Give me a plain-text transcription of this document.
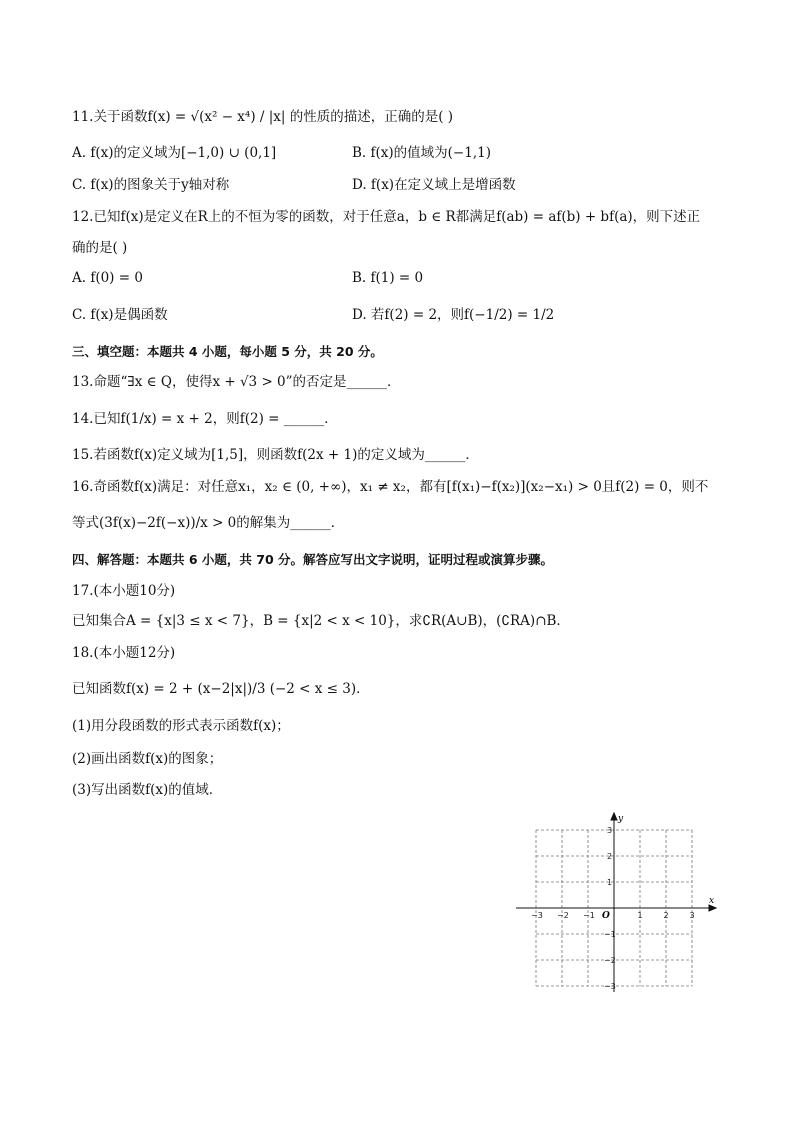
11.关于函数f(x) = √(x² − x⁴) / |x| 的性质的描述，正确的是( )
A. f(x)的定义域为[−1,0) ∪ (0,1]	B. f(x)的值域为(−1,1)
C. f(x)的图象关于y轴对称	D. f(x)在定义域上是增函数
12.已知f(x)是定义在R上的不恒为零的函数，对于任意a，b ∈ R都满足f(ab) = af(b) + bf(a)，则下述正
确的是( )
A. f(0) = 0	B. f(1) = 0
C. f(x)是偶函数	D. 若f(2) = 2，则f(−1/2) = 1/2
三、填空题：本题共 4 小题，每小题 5 分，共 20 分。
13.命题“∃x ∈ Q，使得x + √3 > 0”的否定是______．
14.已知f(1/x) = x + 2，则f(2) = ______．
15.若函数f(x)定义域为[1,5]，则函数f(2x + 1)的定义域为______．
16.奇函数f(x)满足：对任意x₁，x₂ ∈ (0, +∞)，x₁ ≠ x₂，都有[f(x₁)−f(x₂)](x₂−x₁) > 0且f(2) = 0，则不
等式(3f(x)−2f(−x))/x > 0的解集为______．
四、解答题：本题共 6 小题，共 70 分。解答应写出文字说明，证明过程或演算步骤。
17.(本小题10分)
已知集合A = {x|3 ≤ x < 7}，B = {x|2 < x < 10}，求∁R(A∪B)，(∁RA)∩B．
18.(本小题12分)
已知函数f(x) = 2 + (x−2|x|)/3 (−2 < x ≤ 3)．
(1)用分段函数的形式表示函数f(x)；
(2)画出函数f(x)的图象；
(3)写出函数f(x)的值域．
−3 −2 −1	1	2	3
3
2
1
−1
−2
−3
x
y
O
